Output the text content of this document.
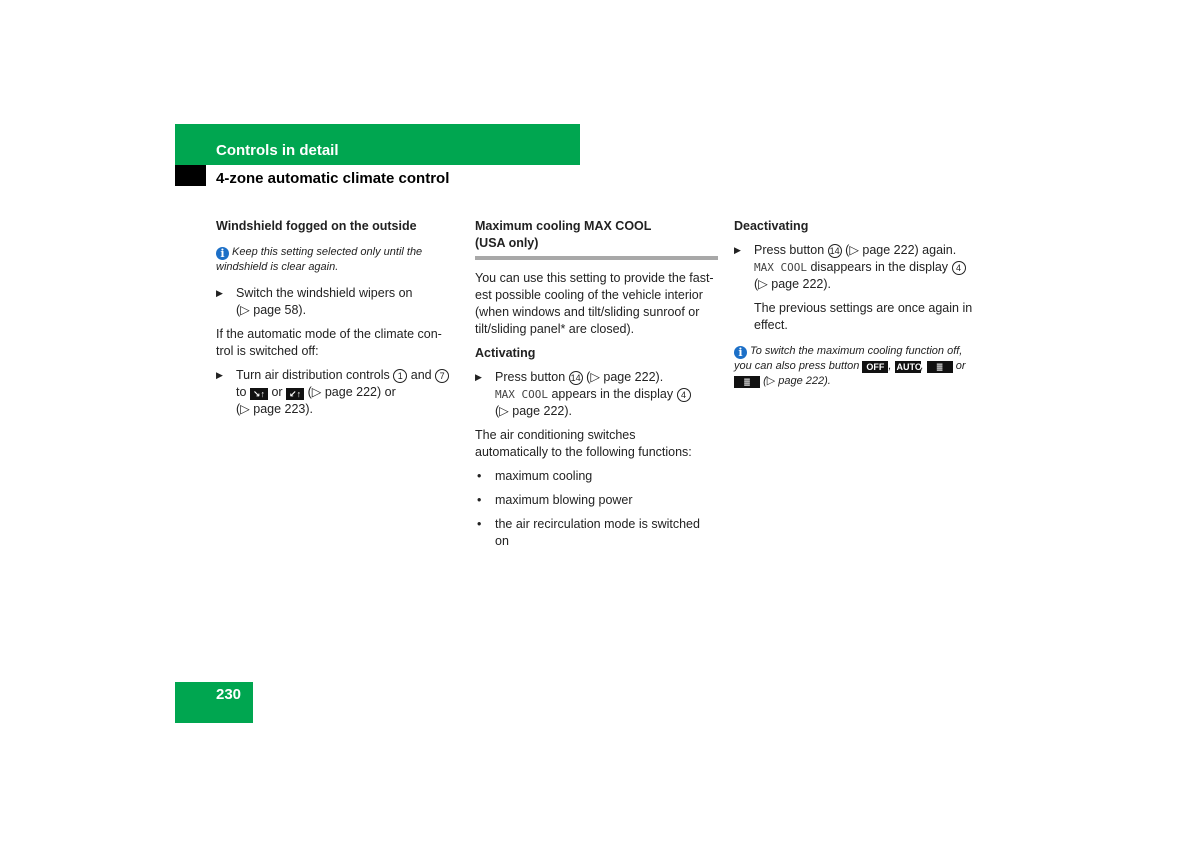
Controls in detail
4-zone automatic climate control

Windshield fogged on the outside

i Keep this setting selected only until the windshield is clear again.
▶ Switch the windshield wipers on
(▷ page 58).
If the automatic mode of the climate con-
trol is switched off:
▶ Turn air distribution controls 1 and 7
to ↘↑ or ↙↑ (▷ page 222) or
(▷ page 223).

Maximum cooling MAX COOL

(USA only)

You can use this setting to provide the fast-
est possible cooling of the vehicle interior
(when windows and tilt/sliding sunroof or
tilt/sliding panel* are closed).

Activating

▶ Press button 14 (▷ page 222).
MAX COOL appears in the display 4
(▷ page 222).
The air conditioning switches
automatically to the following functions:
• maximum cooling
• maximum blowing power
• the air recirculation mode is switched
on

Deactivating

▶ Press button 14 (▷ page 222) again.
MAX COOL disappears in the display 4
(▷ page 222).
The previous settings are once again in
effect.
i To switch the maximum cooling function off,
you can also press button OFF , AUTO, ≣ or
≣ (▷ page 222).
230
